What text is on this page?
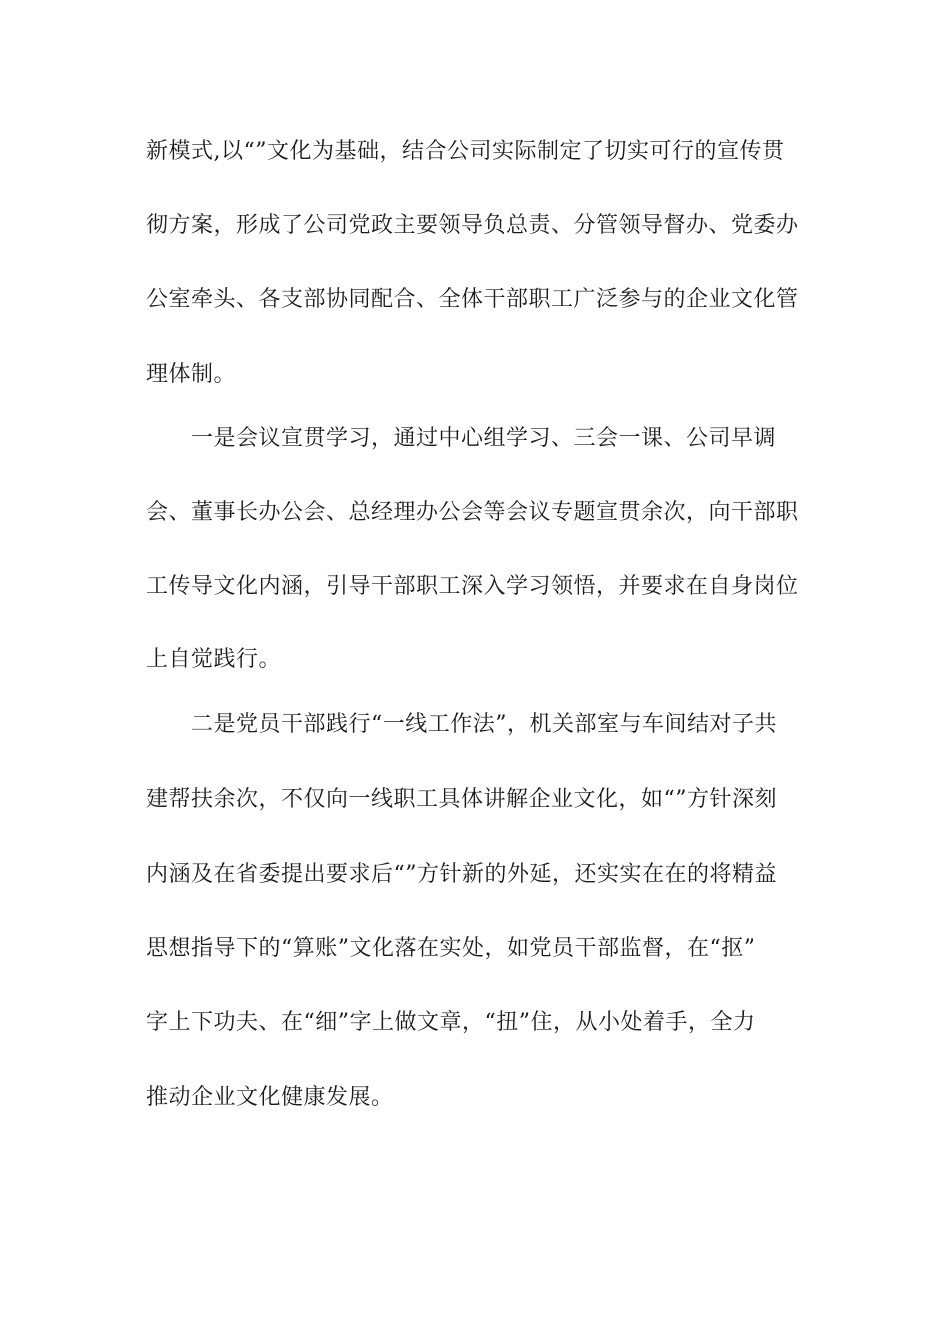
新模式,以“”文化为基础，结合公司实际制定了切实可行的宣传贯
彻方案，形成了公司党政主要领导负总责、分管领导督办、党委办
公室牵头、各支部协同配合、全体干部职工广泛参与的企业文化管
理体制。
一是会议宣贯学习，通过中心组学习、三会一课、公司早调
会、董事长办公会、总经理办公会等会议专题宣贯余次，向干部职
工传导文化内涵，引导干部职工深入学习领悟，并要求在自身岗位
上自觉践行。
二是党员干部践行“一线工作法”，机关部室与车间结对子共
建帮扶余次，不仅向一线职工具体讲解企业文化，如“”方针深刻
内涵及在省委提出要求后“”方针新的外延，还实实在在的将精益
思想指导下的“算账”文化落在实处，如党员干部监督，在“抠”
字上下功夫、在“细”字上做文章，“扭”住，从小处着手，全力
推动企业文化健康发展。
